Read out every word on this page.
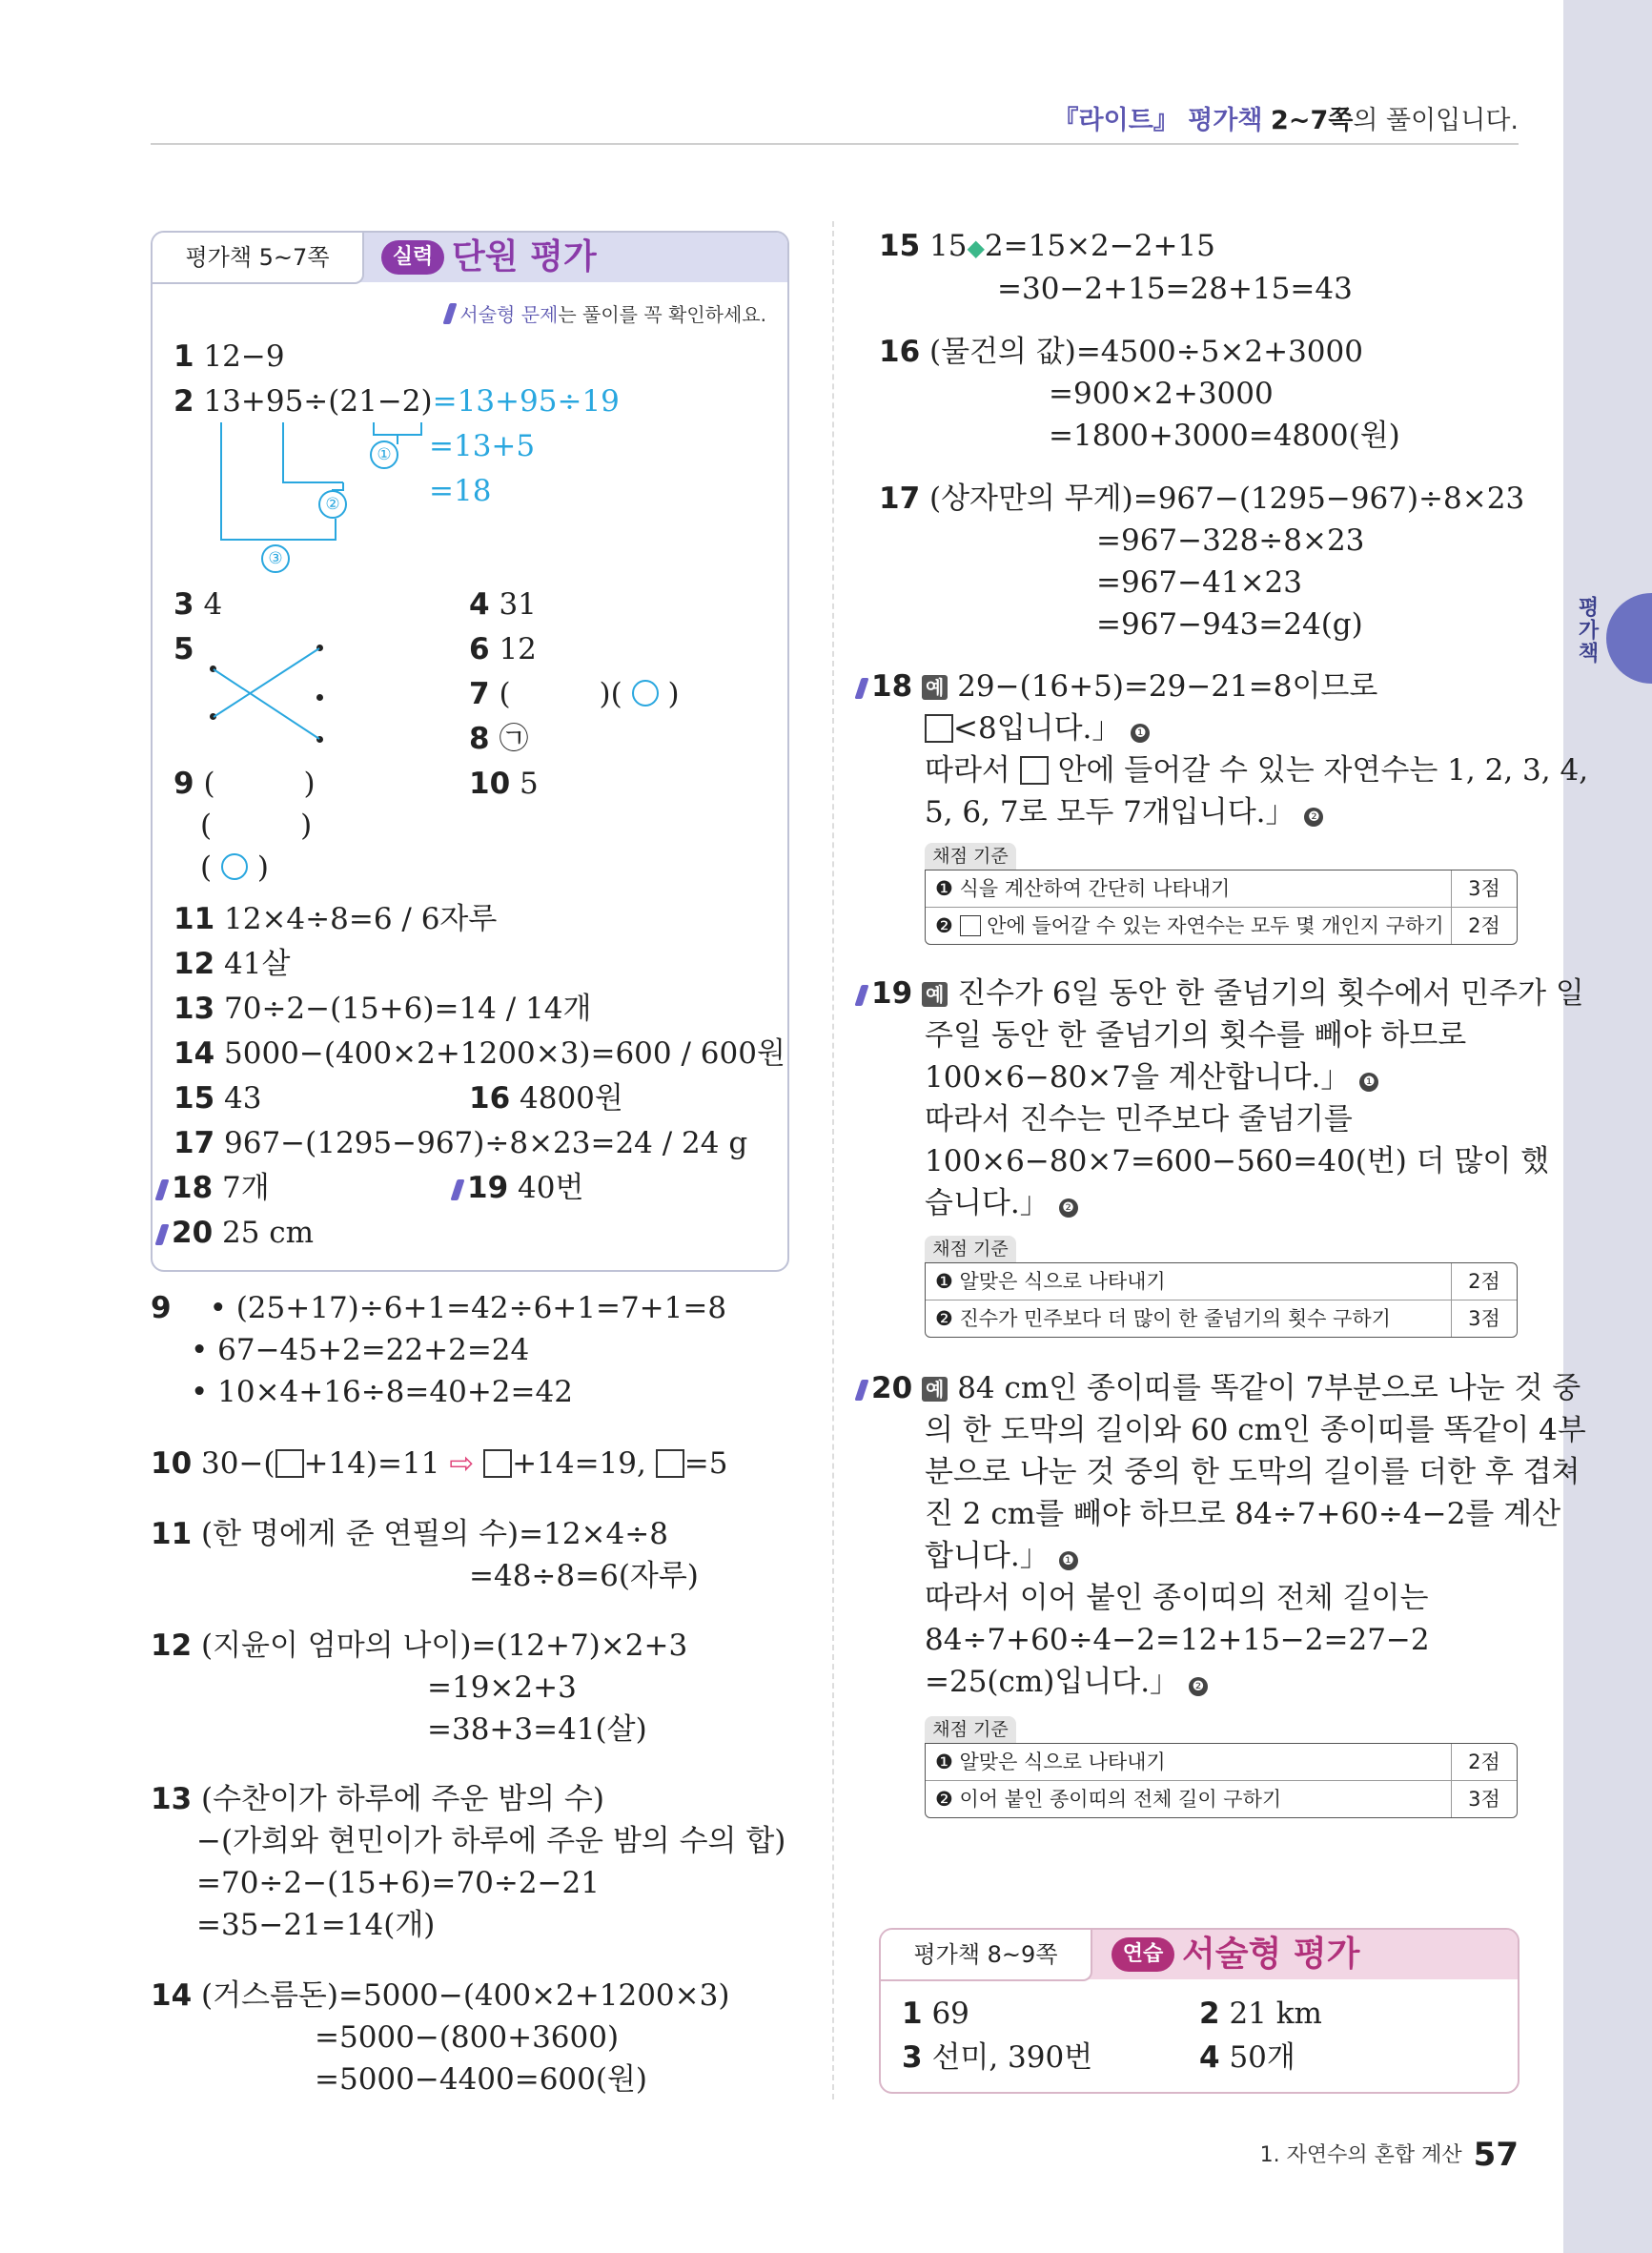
평가책
『라이트』 평가책 2~7쪽의 풀이입니다.
평가책 5~7쪽	실력 단원 평가
서술형 문제는 풀이를 꼭 확인하세요.
1 12−9
2 13+95÷(21−2)=13+95÷19
=13+5
=18
①
②
③
3 4	4 31
5	6 12
7 (　　　)( ○ )
8 ㉠
9 (　　　)
(　　　)
( ○ )
10 5
11 12×4÷8=6 / 6자루
12 41살
13 70÷2−(15+6)=14 / 14개
14 5000−(400×2+1200×3)=600 / 600원
15 43	16 4800원
17 967−(1295−967)÷8×23=24 / 24 g
18 7개	19 40번
20 25 cm
9 • (25+17)÷6+1=42÷6+1=7+1=8
• 67−45+2=22+2=24
• 10×4+16÷8=40+2=42
10 30−( +14)=11 ⇨ +14=19, =5
11 (한 명에게 준 연필의 수)=12×4÷8
=48÷8=6(자루)
12 (지윤이 엄마의 나이)=(12+7)×2+3
=19×2+3
=38+3=41(살)
13 (수찬이가 하루에 주운 밤의 수)
−(가희와 현민이가 하루에 주운 밤의 수의 합)
=70÷2−(15+6)=70÷2−21
=35−21=14(개)
14 (거스름돈)=5000−(400×2+1200×3)
=5000−(800+3600)
=5000−4400=600(원)
15 15◆2=15×2−2+15
=30−2+15=28+15=43
16 (물건의 값)=4500÷5×2+3000
=900×2+3000
=1800+3000=4800(원)
17 (상자만의 무게)=967−(1295−967)÷8×23
=967−328÷8×23
=967−41×23
=967−943=24(g)
18 예 29−(16+5)=29−21=8이므로
<8입니다.」 ❶
따라서 안에 들어갈 수 있는 자연수는 1, 2, 3, 4,
5, 6, 7로 모두 7개입니다.」 ❷
채점 기준
❶ 식을 계산하여 간단히 나타내기	3점
❷ 안에 들어갈 수 있는 자연수는 모두 몇 개인지 구하기	2점
19 예 진수가 6일 동안 한 줄넘기의 횟수에서 민주가 일
주일 동안 한 줄넘기의 횟수를 빼야 하므로
100×6−80×7을 계산합니다.」 ❶
따라서 진수는 민주보다 줄넘기를
100×6−80×7=600−560=40(번) 더 많이 했
습니다.」 ❷
채점 기준
❶ 알맞은 식으로 나타내기	2점
❷ 진수가 민주보다 더 많이 한 줄넘기의 횟수 구하기	3점
20 예 84 cm인 종이띠를 똑같이 7부분으로 나눈 것 중
의 한 도막의 길이와 60 cm인 종이띠를 똑같이 4부
분으로 나눈 것 중의 한 도막의 길이를 더한 후 겹쳐
진 2 cm를 빼야 하므로 84÷7+60÷4−2를 계산
합니다.」 ❶
따라서 이어 붙인 종이띠의 전체 길이는
84÷7+60÷4−2=12+15−2=27−2
=25(cm)입니다.」 ❷
채점 기준
❶ 알맞은 식으로 나타내기	2점
❷ 이어 붙인 종이띠의 전체 길이 구하기	3점
평가책 8~9쪽	연습 서술형 평가
1 69	2 21 km
3 선미, 390번	4 50개
1. 자연수의 혼합 계산 57
